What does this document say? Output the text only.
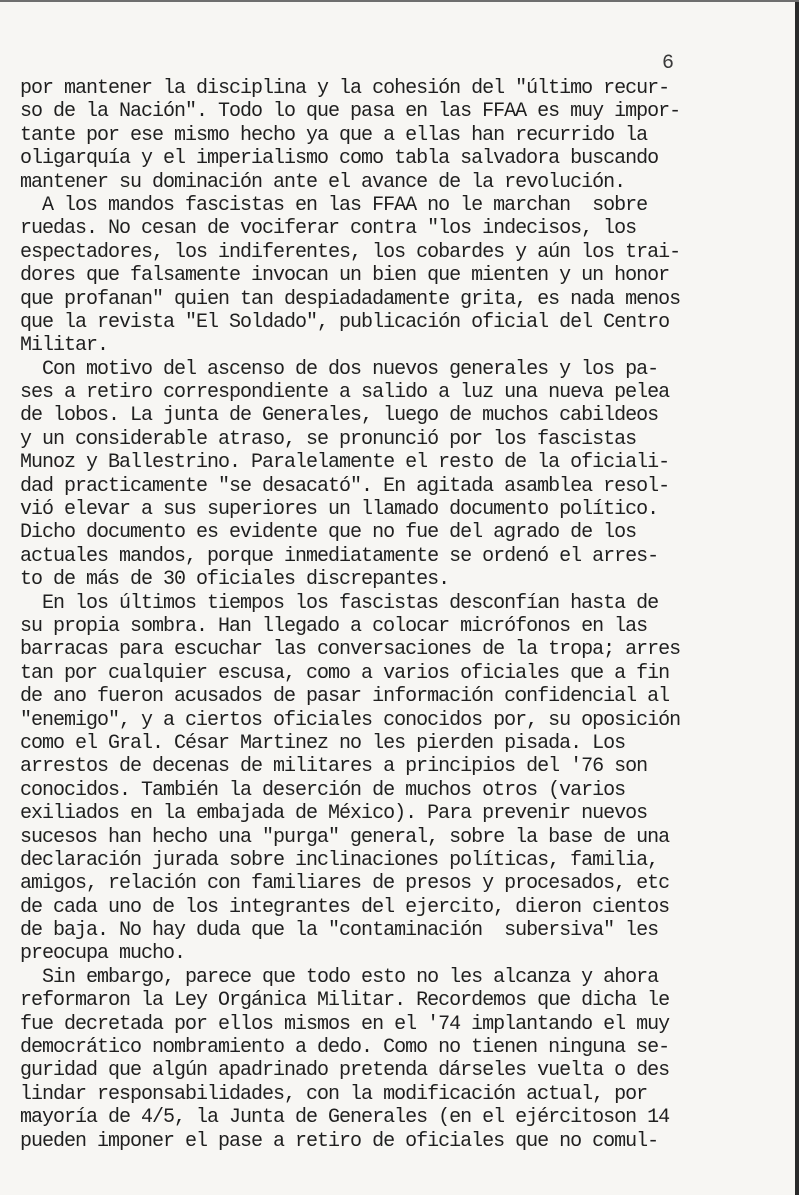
6
por mantener la disciplina y la cohesión del "último recur-
so de la Nación". Todo lo que pasa en las FFAA es muy impor-
tante por ese mismo hecho ya que a ellas han recurrido la
oligarquía y el imperialismo como tabla salvadora buscando
mantener su dominación ante el avance de la revolución.
A los mandos fascistas en las FFAA no le marchan  sobre
ruedas. No cesan de vociferar contra "los indecisos, los
espectadores, los indiferentes, los cobardes y aún los trai-
dores que falsamente invocan un bien que mienten y un honor
que profanan" quien tan despiadadamente grita, es nada menos
que la revista "El Soldado", publicación oficial del Centro
Militar.
Con motivo del ascenso de dos nuevos generales y los pa-
ses a retiro correspondiente a salido a luz una nueva pelea
de lobos. La junta de Generales, luego de muchos cabildeos
y un considerable atraso, se pronunció por los fascistas
Munoz y Ballestrino. Paralelamente el resto de la oficiali-
dad practicamente "se desacató". En agitada asamblea resol-
vió elevar a sus superiores un llamado documento político.
Dicho documento es evidente que no fue del agrado de los
actuales mandos, porque inmediatamente se ordenó el arres-
to de más de 30 oficiales discrepantes.
En los últimos tiempos los fascistas desconfían hasta de
su propia sombra. Han llegado a colocar micrófonos en las
barracas para escuchar las conversaciones de la tropa; arres
tan por cualquier escusa, como a varios oficiales que a fin
de ano fueron acusados de pasar información confidencial al
"enemigo", y a ciertos oficiales conocidos por, su oposición
como el Gral. César Martinez no les pierden pisada. Los
arrestos de decenas de militares a principios del '76 son
conocidos. También la deserción de muchos otros (varios
exiliados en la embajada de México). Para prevenir nuevos
sucesos han hecho una "purga" general, sobre la base de una
declaración jurada sobre inclinaciones políticas, familia,
amigos, relación con familiares de presos y procesados, etc
de cada uno de los integrantes del ejercito, dieron cientos
de baja. No hay duda que la "contaminación  subersiva" les
preocupa mucho.
Sin embargo, parece que todo esto no les alcanza y ahora
reformaron la Ley Orgánica Militar. Recordemos que dicha le
fue decretada por ellos mismos en el '74 implantando el muy
democrático nombramiento a dedo. Como no tienen ninguna se-
guridad que algún apadrinado pretenda dárseles vuelta o des
lindar responsabilidades, con la modificación actual, por
mayoría de 4/5, la Junta de Generales (en el ejércitoson 14
pueden imponer el pase a retiro de oficiales que no comul-
